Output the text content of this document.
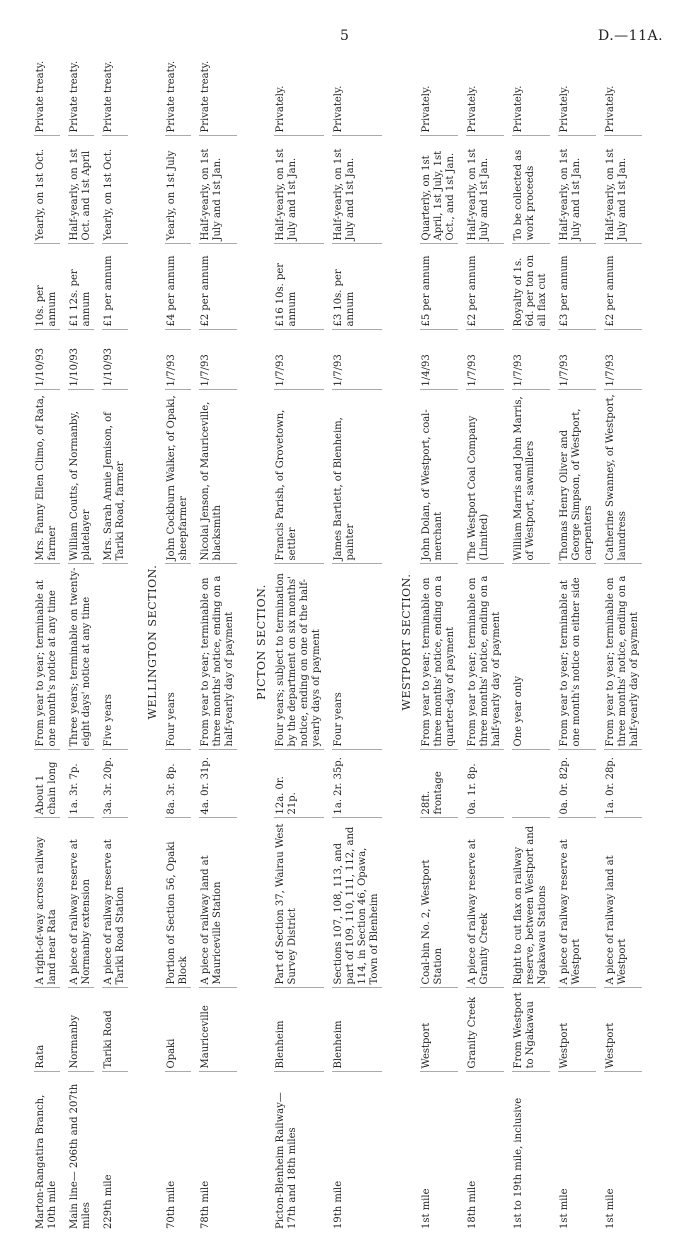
5	D.—11A.
Marton-Rangatira Branch, 10th mile	Rata	A right-of-way across railway land near Rata	About 1 chain long	From year to year; terminable at one month's notice at any time	Mrs. Fanny Ellen Climo, of Rata, farmer	1/10/93	10s. per annum	Yearly, on 1st Oct.	Private treaty.

Main line— 206th and 207th miles	Normanby	A piece of railway reserve at Normanby extension	1a. 3r. 7p.	Three years; terminable on twenty-eight days' notice at any time	William Coutts, of Normanby, platelayer	1/10/93	£1 12s. per annum	Half-yearly, on 1st Oct. and 1st April	Private treaty.

229th mile	Tariki Road	A piece of railway reserve at Tariki Road Station	3a. 3r. 20p.	Five years	Mrs. Sarah Annie Jemison, of Tariki Road, farmer	1/10/93	£1 per annum	Yearly, on 1st Oct.	Private treaty.

WELLINGTON SECTION.									
70th mile	Opaki	Portion of Section 56, Opaki Block	8a. 3r. 8p.	Four years	John Cockburn Walker, of Opaki, sheepfarmer	1/7/93	£4 per annum	Yearly, on 1st July	Private treaty.

78th mile	Mauriceville	A piece of railway land at Mauriceville Station	4a. 0r. 31p.	From year to year; terminable on three months' notice, ending on a half-yearly day of payment	Nicolai Jenson, of Mauriceville, blacksmith	1/7/93	£2 per annum	Half-yearly, on 1st July and 1st Jan.	Private treaty.

PICTON SECTION.									
Picton-Blenheim Railway— 17th and 18th miles	Blenheim	Part of Section 37, Wairau West Survey District	12a. 0r. 21p.	Four years; subject to termination by the department on six months' notice, ending on one of the half-yearly days of payment	Francis Parish, of Grovetown, settler	1/7/93	£16 10s. per annum	Half-yearly, on 1st July and 1st Jan.	Privately.

19th mile	Blenheim	Sections 107, 108, 113, and part of 109, 110, 111, 112, and 114, in Section 46, Opawa, Town of Blenheim	1a. 2r. 35p.	Four years	James Bartlett, of Blenheim, painter	1/7/93	£3 10s. per annum	Half-yearly, on 1st July and 1st Jan.	Privately.

WESTPORT SECTION.									
1st mile	Westport	Coal-bin No. 2, Westport Station	28ft. frontage	From year to year; terminable on three months' notice, ending on a quarter-day of payment	John Dolan, of Westport, coal-merchant	1/4/93	£5 per annum	Quarterly, on 1st April, 1st July, 1st Oct., and 1st Jan.	Privately.

18th mile	Granity Creek	A piece of railway reserve at Granity Creek	0a. 1r. 8p.	From year to year; terminable on three months' notice, ending on a half-yearly day of payment	The Westport Coal Company (Limited)	1/7/93	£2 per annum	Half-yearly, on 1st July and 1st Jan.	Privately.

1st to 19th mile, inclusive	From Westport to Ngakawau	Right to cut flax on railway reserve, between Westport and Ngakawau Stations		One year only	William Marris and John Marris, of Westport, sawmillers	1/7/93	Royalty of 1s. 6d. per ton on all flax cut	To be collected as work proceeds	Privately.

1st mile	Westport	A piece of railway reserve at Westport	0a. 0r. 82p.	From year to year; terminable at one month's notice on either side	Thomas Henry Oliver and George Simpson, of Westport, carpenters	1/7/93	£3 per annum	Half-yearly, on 1st July and 1st Jan.	Privately.

1st mile	Westport	A piece of railway land at Westport	1a. 0r. 28p.	From year to year; terminable on three months' notice, ending on a half-yearly day of payment	Catherine Swanney, of Westport, laundress	1/7/93	£2 per annum	Half-yearly, on 1st July and 1st Jan.	Privately.
